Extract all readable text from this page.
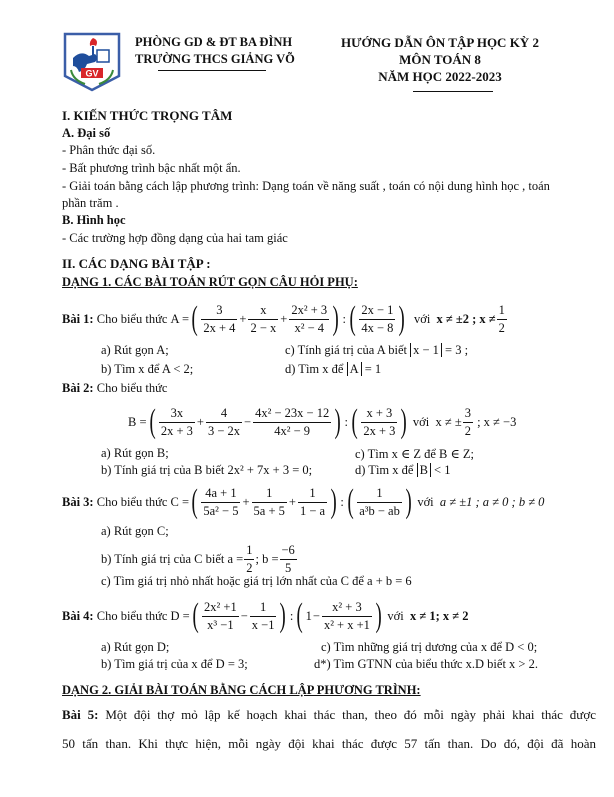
GV
PHÒNG GD & ĐT BA ĐÌNH
TRƯỜNG THCS GIẢNG VÕ
HƯỚNG DẪN ÔN TẬP HỌC KỲ 2
MÔN TOÁN 8
NĂM HỌC 2022-2023
I. KIẾN THỨC TRỌNG TÂM
A. Đại số
- Phân thức đại số.
- Bất phương trình bậc nhất một ẩn.
- Giải toán bằng cách lập phương trình: Dạng toán về năng suất , toán có nội dung hình học , toán
phần trăm .
B. Hình học
- Các trường hợp đồng dạng của hai tam giác
II. CÁC DẠNG BÀI TẬP :
DẠNG 1. CÁC BÀI TOÁN RÚT GỌN CÂU HỎI PHỤ:
Bài 1:
Cho biểu thức
A = ( $\frac{3}{2x + 4} + \frac{x}{2 - x} + \frac{\text{2x² + 3}}{\text{x² − 4}}$ ) : ( $\frac{2x - 1}{4x - 8}$ )
với
x ≠ ±2 ; $x \ne \frac{1}{2}$
a) Rút gọn A;	c) Tính giá trị của A biết x − 1 = 3 ;
b) Tìm x để A < 2;	d) Tìm x để A = 1
Bài 2: Cho biểu thức
B = ( $\frac{3x}{2x + 3} + \frac{4}{3 - 2x} - \frac{\text{4x² − 23x − 12}}{\text{4x² − 9}}$ ) : ( $\frac{x + 3}{2x + 3}$ )
với
x ≠ ± $\frac{3}{2}$
; x ≠ −3
a) Rút gọn B;	c) Tìm x ∈ Z để B ∈ Z;
b) Tính giá trị của B biết 2x² + 7x + 3 = 0;	d) Tìm x để B < 1
Bài 3:
Cho biểu thức
C = ( $\frac{4a + 1}{\text{5a² − 5}} + \frac{1}{5a + 5} + \frac{1}{1 - a}$ ) : ( $\frac{1}{\text{a³b − ab}}$ )
với
a ≠ ±1 ; a ≠ 0 ; b ≠ 0
a) Rút gọn C;
b) Tính giá trị của C biết
$a = \frac{1}{2}$ ; $b = \frac{-6}{5}$
c) Tìm giá trị nhỏ nhất hoặc giá trị lớn nhất của C để a + b = 6
Bài 4:
Cho biểu thức
D = ( $\frac{\text{2x² +1}}{\text{x³ −1}} - \frac{1}{x -1}$ ) : ( $1 - \frac{\text{x² + 3}}{\text{x² + x +1}}$ )
với
x ≠ 1; x ≠ 2
a) Rút gọn D;	c) Tìm những giá trị dương của x để D < 0;
b) Tìm giá trị của x để D = 3;	d*) Tìm GTNN của biểu thức x.D biết x > 2.
DẠNG 2. GIẢI BÀI TOÁN BẰNG CÁCH LẬP PHƯƠNG TRÌNH:
Bài 5: Một đội thợ mỏ lập kế hoạch khai thác than, theo đó mỗi ngày phải khai thác được
50 tấn than. Khi thực hiện, mỗi ngày đội khai thác được 57 tấn than. Do đó, đội đã hoàn
